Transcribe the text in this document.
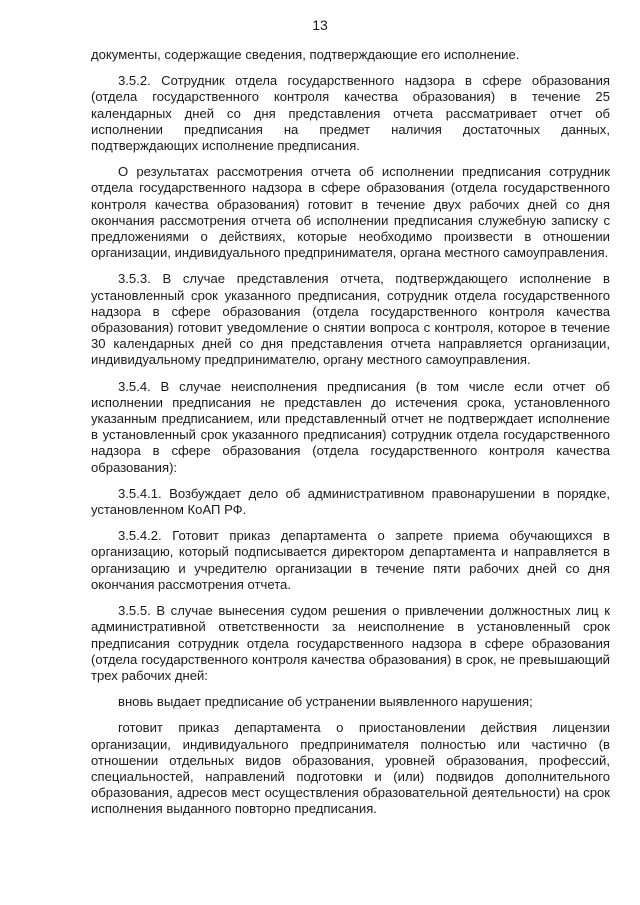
13

документы, содержащие сведения, подтверждающие его исполнение.

3.5.2. Сотрудник отдела государственного надзора в сфере образования (отдела государственного контроля качества образования) в течение 25 календарных дней со дня представления отчета рассматривает отчет об исполнении предписания на предмет наличия достаточных данных, подтверждающих исполнение предписания.

О результатах рассмотрения отчета об исполнении предписания сотрудник отдела государственного надзора в сфере образования (отдела государственного контроля качества образования) готовит в течение двух рабочих дней со дня окончания рассмотрения отчета об исполнении предписания служебную записку с предложениями о действиях, которые необходимо произвести в отношении организации, индивидуального предпринимателя, органа местного самоуправления.

3.5.3. В случае представления отчета, подтверждающего исполнение в установленный срок указанного предписания, сотрудник отдела государственного надзора в сфере образования (отдела государственного контроля качества образования) готовит уведомление о снятии вопроса с контроля, которое в течение 30 календарных дней со дня представления отчета направляется организации, индивидуальному предпринимателю, органу местного самоуправления.

3.5.4. В случае неисполнения предписания (в том числе если отчет об исполнении предписания не представлен до истечения срока, установленного указанным предписанием, или представленный отчет не подтверждает исполнение в установленный срок указанного предписания) сотрудник отдела государственного надзора в сфере образования (отдела государственного контроля качества образования):

3.5.4.1. Возбуждает дело об административном правонарушении в порядке, установленном КоАП РФ.

3.5.4.2. Готовит приказ департамента о запрете приема обучающихся в организацию, который подписывается директором департамента и направляется в организацию и учредителю организации в течение пяти рабочих дней со дня окончания рассмотрения отчета.

3.5.5. В случае вынесения судом решения о привлечении должностных лиц к административной ответственности за неисполнение в установленный срок предписания сотрудник отдела государственного надзора в сфере образования (отдела государственного контроля качества образования) в срок, не превышающий трех рабочих дней:

вновь выдает предписание об устранении выявленного нарушения;

готовит приказ департамента о приостановлении действия лицензии организации, индивидуального предпринимателя полностью или частично (в отношении отдельных видов образования, уровней образования, профессий, специальностей, направлений подготовки и (или) подвидов дополнительного образования, адресов мест осуществления образовательной деятельности) на срок исполнения выданного повторно предписания.
